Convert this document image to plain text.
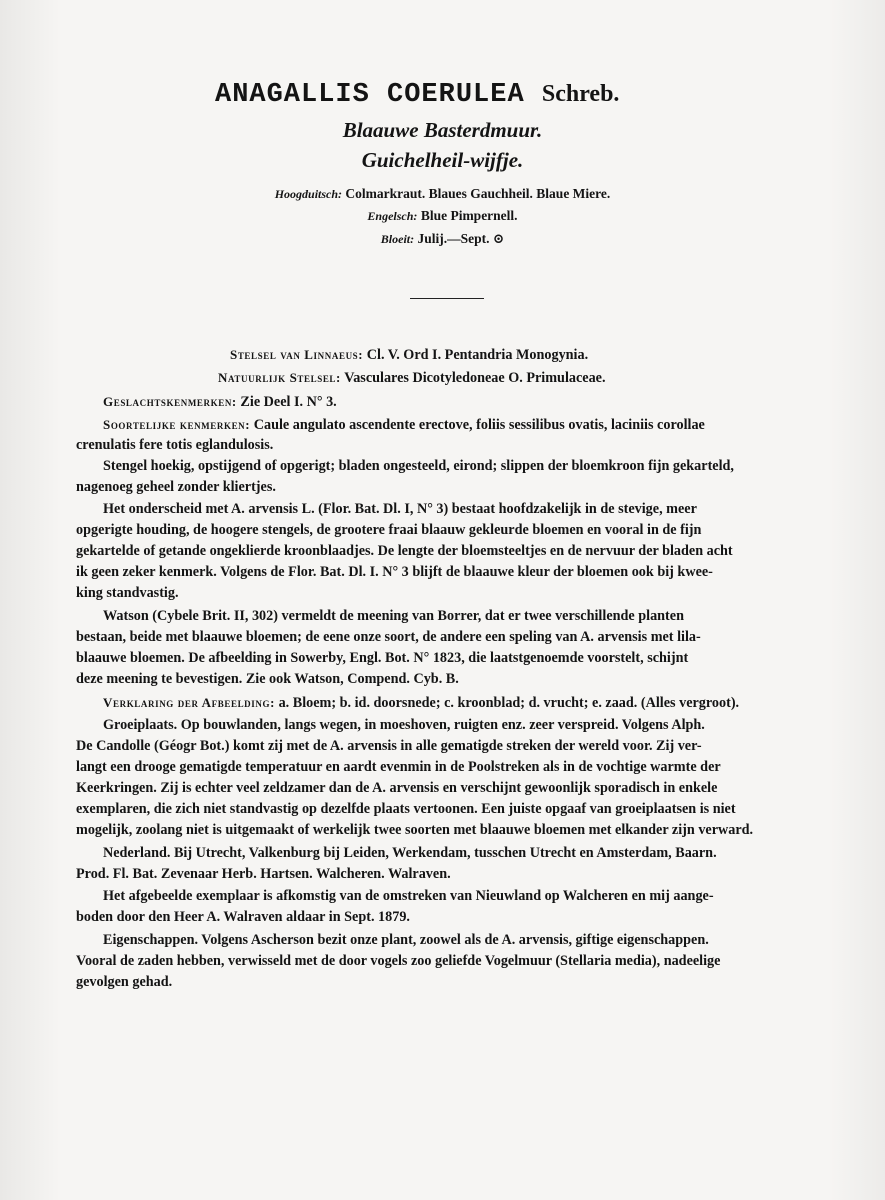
ANAGALLIS COERULEA Schreb.
Blaauwe Basterdmuur.
Guichelheil-wijfje.
Hoogduitsch: Colmarkraut. Blaues Gauchheil. Blaue Miere.
Engelsch: Blue Pimpernell.
Bloeit: Julij.—Sept. ⊙
Stelsel van Linnaeus: Cl. V. Ord I. Pentandria Monogynia.
Natuurlijk Stelsel: Vasculares Dicotyledoneae O. Primulaceae.
Geslachtskenmerken: Zie Deel I. N° 3.
Soortelijke kenmerken: Caule angulato ascendente erectove, foliis sessilibus ovatis, laciniis corollae
crenulatis fere totis eglandulosis.
Stengel hoekig, opstijgend of opgerigt; bladen ongesteeld, eirond; slippen der bloemkroon fijn gekarteld,
nagenoeg geheel zonder kliertjes.
Het onderscheid met A. arvensis L. (Flor. Bat. Dl. I, N° 3) bestaat hoofdzakelijk in de stevige, meer
opgerigte houding, de hoogere stengels, de grootere fraai blaauw gekleurde bloemen en vooral in de fijn
gekartelde of getande ongeklierde kroonblaadjes. De lengte der bloemsteeltjes en de nervuur der bladen acht
ik geen zeker kenmerk. Volgens de Flor. Bat. Dl. I. N° 3 blijft de blaauwe kleur der bloemen ook bij kwee-
king standvastig.
Watson (Cybele Brit. II, 302) vermeldt de meening van Borrer, dat er twee verschillende planten
bestaan, beide met blaauwe bloemen; de eene onze soort, de andere een speling van A. arvensis met lila-
blaauwe bloemen. De afbeelding in Sowerby, Engl. Bot. N° 1823, die laatstgenoemde voorstelt, schijnt
deze meening te bevestigen. Zie ook Watson, Compend. Cyb. B.
Verklaring der Afbeelding: a. Bloem; b. id. doorsnede; c. kroonblad; d. vrucht; e. zaad. (Alles vergroot).
Groeiplaats. Op bouwlanden, langs wegen, in moeshoven, ruigten enz. zeer verspreid. Volgens Alph.
De Candolle (Géogr Bot.) komt zij met de A. arvensis in alle gematigde streken der wereld voor. Zij ver-
langt een drooge gematigde temperatuur en aardt evenmin in de Poolstreken als in de vochtige warmte der
Keerkringen. Zij is echter veel zeldzamer dan de A. arvensis en verschijnt gewoonlijk sporadisch in enkele
exemplaren, die zich niet standvastig op dezelfde plaats vertoonen. Een juiste opgaaf van groeiplaatsen is niet
mogelijk, zoolang niet is uitgemaakt of werkelijk twee soorten met blaauwe bloemen met elkander zijn verward.
Nederland. Bij Utrecht, Valkenburg bij Leiden, Werkendam, tusschen Utrecht en Amsterdam, Baarn.
Prod. Fl. Bat. Zevenaar Herb. Hartsen. Walcheren. Walraven.
Het afgebeelde exemplaar is afkomstig van de omstreken van Nieuwland op Walcheren en mij aange-
boden door den Heer A. Walraven aldaar in Sept. 1879.
Eigenschappen. Volgens Ascherson bezit onze plant, zoowel als de A. arvensis, giftige eigenschappen.
Vooral de zaden hebben, verwisseld met de door vogels zoo geliefde Vogelmuur (Stellaria media), nadeelige
gevolgen gehad.
